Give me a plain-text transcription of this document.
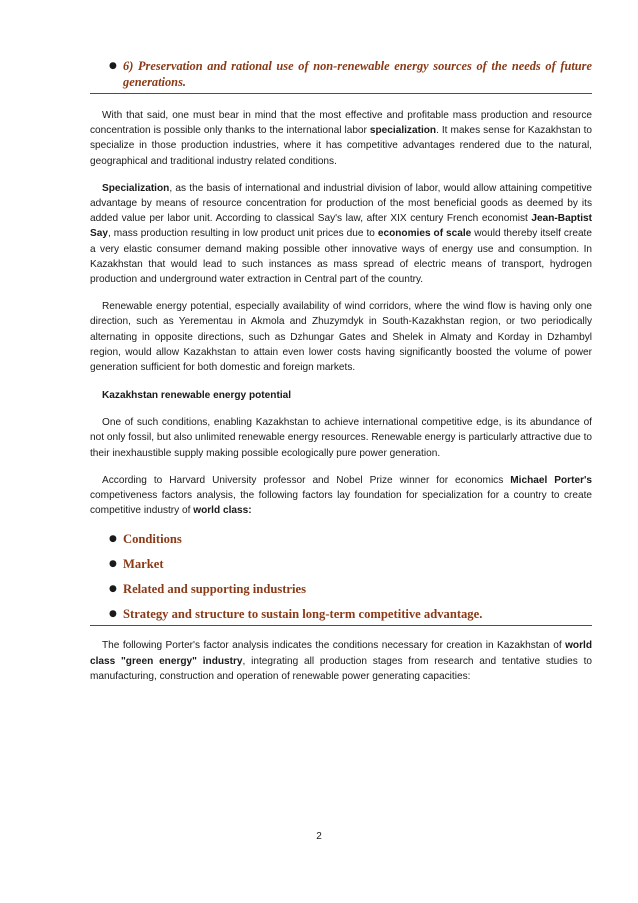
● 6) Preservation and rational use of non-renewable energy sources of the needs of future generations.

With that said, one must bear in mind that the most effective and profitable mass production and resource concentration is possible only thanks to the international labor specialization. It makes sense for Kazakhstan to specialize in those production industries, where it has competitive advantages rendered due to the natural, geographical and traditional industry related conditions.

Specialization, as the basis of international and industrial division of labor, would allow attaining competitive advantage by means of resource concentration for production of the most beneficial goods as deemed by its added value per labor unit. According to classical Say's law, after XIX century French economist Jean-Baptist Say, mass production resulting in low product unit prices due to economies of scale would thereby itself create a very elastic consumer demand making possible other innovative ways of energy use and consumption. In Kazakhstan that would lead to such instances as mass spread of electric means of transport, hydrogen production and underground water extraction in Central part of the country.

Renewable energy potential, especially availability of wind corridors, where the wind flow is having only one direction, such as Yerementau in Akmola and Zhuzymdyk in South-Kazakhstan region, or two periodically alternating in opposite directions, such as Dzhungar Gates and Shelek in Almaty and Korday in Dzhambyl region, would allow Kazakhstan to attain even lower costs having significantly boosted the volume of power generation sufficient for both domestic and foreign markets.

Kazakhstan renewable energy potential

One of such conditions, enabling Kazakhstan to achieve international competitive edge, is its abundance of not only fossil, but also unlimited renewable energy resources. Renewable energy is particularly attractive due to their inexhaustible supply making possible ecologically pure power generation.

According to Harvard University professor and Nobel Prize winner for economics Michael Porter's competiveness factors analysis, the following factors lay foundation for specialization for a country to create competitive industry of world class:

● Conditions
● Market
● Related and supporting industries
● Strategy and structure to sustain long-term competitive advantage.

The following Porter's factor analysis indicates the conditions necessary for creation in Kazakhstan of world class "green energy" industry, integrating all production stages from research and tentative studies to manufacturing, construction and operation of renewable power generating capacities:

2
